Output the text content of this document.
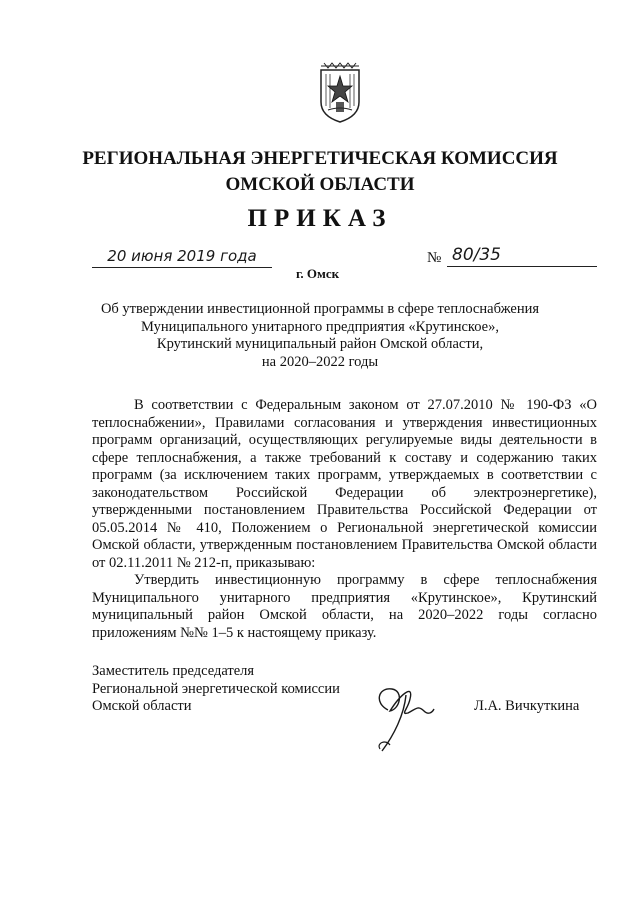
РЕГИОНАЛЬНАЯ ЭНЕРГЕТИЧЕСКАЯ КОМИССИЯ
ОМСКОЙ ОБЛАСТИ
ПРИКАЗ
20 июня 2019 года	№ 80/35
г. Омск
Об утверждении инвестиционной программы в сфере теплоснабжения
Муниципального унитарного предприятия «Крутинское»,
Крутинский муниципальный район Омской области,
на 2020–2022 годы

В соответствии с Федеральным законом от 27.07.2010 № 190-ФЗ «О теплоснабжении», Правилами согласования и утверждения инвестиционных программ организаций, осуществляющих регулируемые виды деятельности в сфере теплоснабжения, а также требований к составу и содержанию таких программ (за исключением таких программ, утверждаемых в соответствии с законодательством Российской Федерации об электроэнергетике), утвержденными постановлением Правительства Российской Федерации от 05.05.2014 № 410, Положением о Региональной энергетической комиссии Омской области, утвержденным постановлением Правительства Омской области от 02.11.2011 № 212-п, приказываю:

Утвердить инвестиционную программу в сфере теплоснабжения Муниципального унитарного предприятия «Крутинское», Крутинский муниципальный район Омской области, на 2020–2022 годы согласно приложениям №№ 1–5 к настоящему приказу.

Заместитель председателя
Региональной энергетической комиссии
Омской области	Л.А. Вичкуткина
